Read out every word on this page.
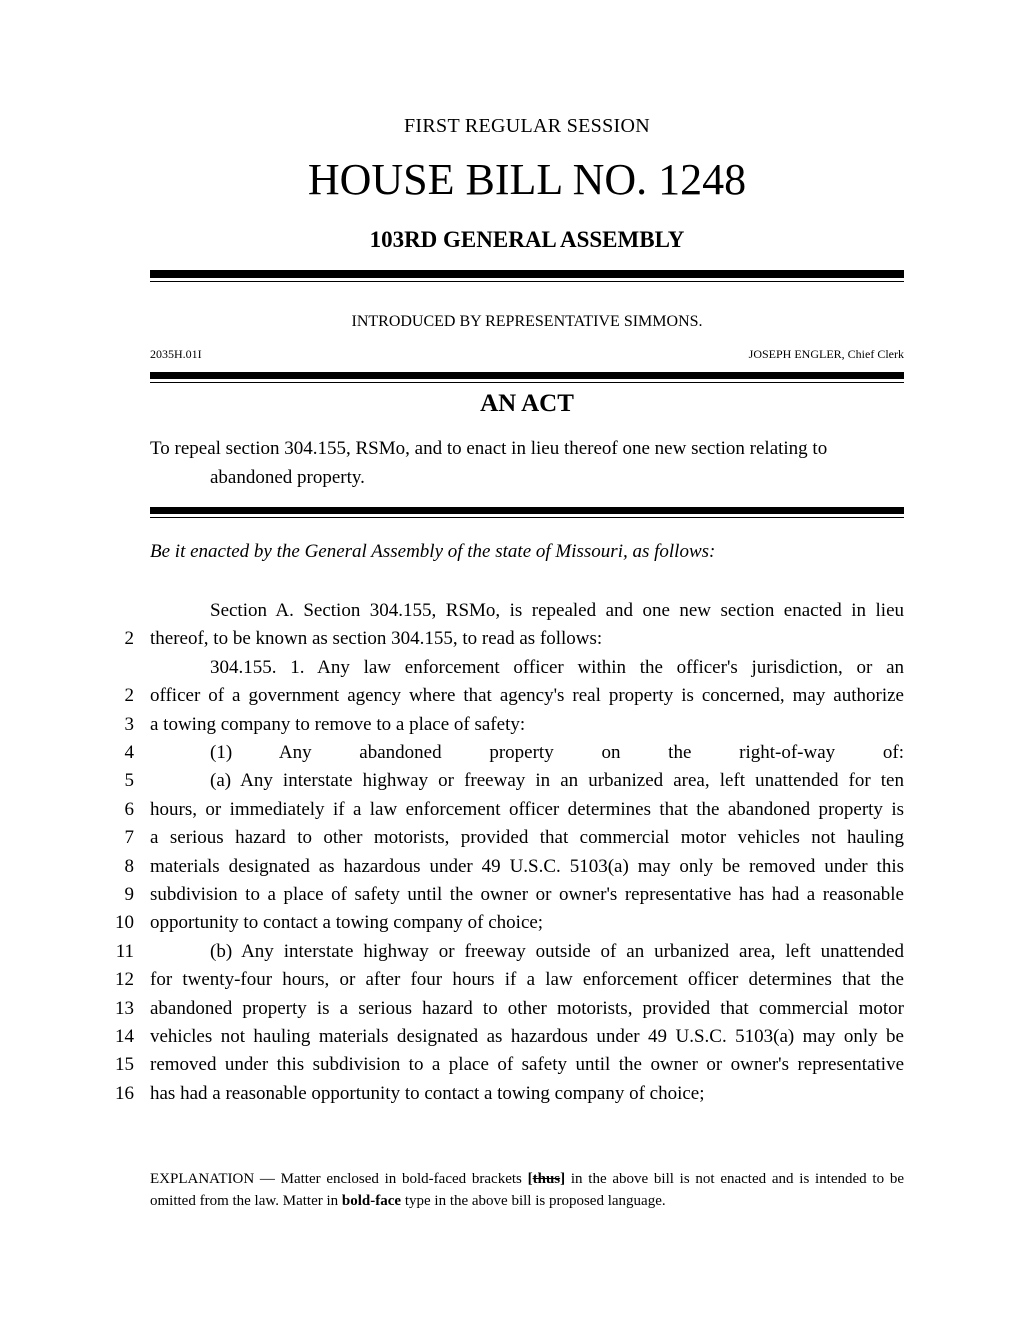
FIRST REGULAR SESSION
HOUSE BILL NO. 1248
103RD GENERAL ASSEMBLY
INTRODUCED BY REPRESENTATIVE SIMMONS.
2035H.01I	JOSEPH ENGLER, Chief Clerk
AN ACT
To repeal section 304.155, RSMo, and to enact in lieu thereof one new section relating to
abandoned property.
Be it enacted by the General Assembly of the state of Missouri, as follows:
Section A. Section 304.155, RSMo, is repealed and one new section enacted in lieu
2 thereof, to be known as section 304.155, to read as follows:
304.155. 1. Any law enforcement officer within the officer's jurisdiction, or an
2 officer of a government agency where that agency's real property is concerned, may authorize
3 a towing company to remove to a place of safety:
4	(1) Any abandoned property on the right-of-way of:
5	(a) Any interstate highway or freeway in an urbanized area, left unattended for ten
6 hours, or immediately if a law enforcement officer determines that the abandoned property is
7 a serious hazard to other motorists, provided that commercial motor vehicles not hauling
8 materials designated as hazardous under 49 U.S.C. 5103(a) may only be removed under this
9 subdivision to a place of safety until the owner or owner's representative has had a reasonable
10 opportunity to contact a towing company of choice;
11	(b) Any interstate highway or freeway outside of an urbanized area, left unattended
12 for twenty-four hours, or after four hours if a law enforcement officer determines that the
13 abandoned property is a serious hazard to other motorists, provided that commercial motor
14 vehicles not hauling materials designated as hazardous under 49 U.S.C. 5103(a) may only be
15 removed under this subdivision to a place of safety until the owner or owner's representative
16 has had a reasonable opportunity to contact a towing company of choice;
EXPLANATION — Matter enclosed in bold-faced brackets [thus] in the above bill is not enacted and is intended to be omitted from the law. Matter in bold-face type in the above bill is proposed language.
